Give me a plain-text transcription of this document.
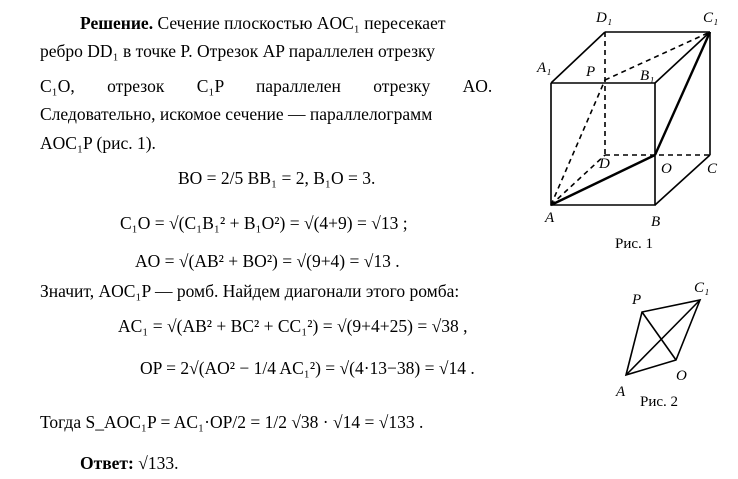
Решение. Сечение плоскостью AOC₁ пересекает
ребро DD₁ в точке P. Отрезок AP параллелен отрезку
C₁O, отрезок C₁P параллелен отрезку AO.
Следовательно, искомое сечение — параллелограмм
AOC₁P (рис. 1).
BO = 2/5 BB₁ = 2, B₁O = 3.
C₁O = √(C₁B₁² + B₁O²) = √(4+9) = √13 ;
AO = √(AB² + BO²) = √(9+4) = √13 .
Значит, AOC₁P — ромб. Найдем диагонали этого ромба:
AC₁ = √(AB² + BC² + CC₁²) = √(9+4+25) = √38 ,
OP = 2√(AO² − 1/4 AC₁²) = √(4·13−38) = √14 .
Тогда S_AOC₁P = AC₁·OP/2 = 1/2 √38 · √14 = √133 .
Ответ: √133.
D₁	C₁
A₁ P	B₁
D	O C
A	B
Рис. 1
P
C₁
A
O
Рис. 2
